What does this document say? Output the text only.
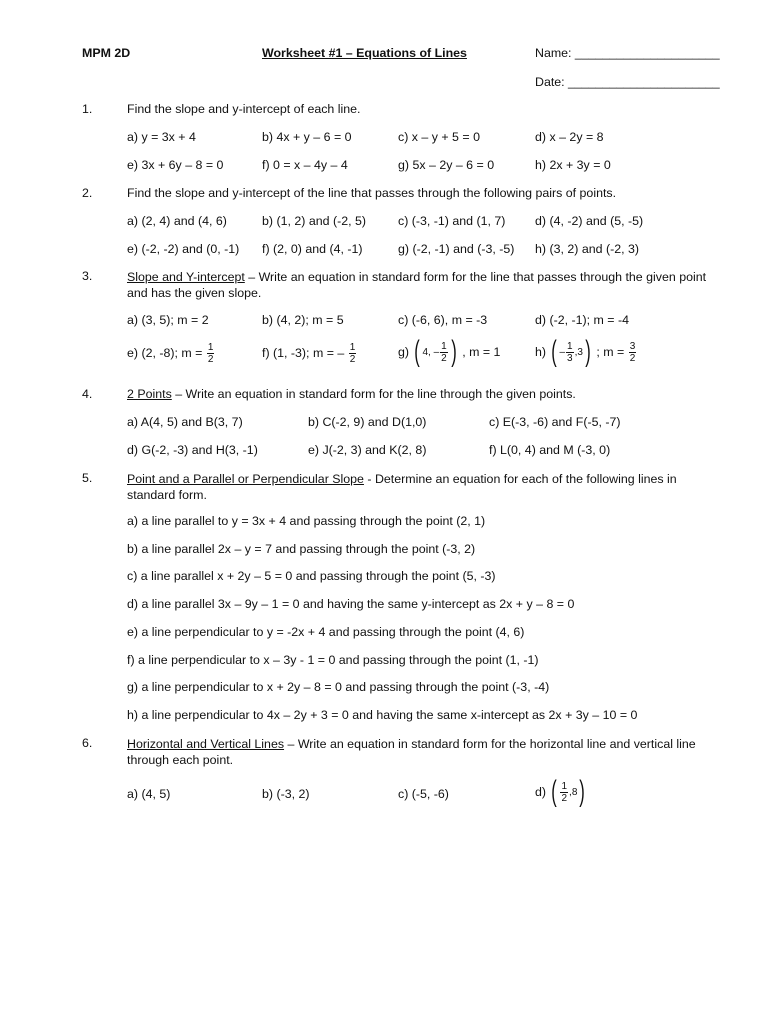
MPM 2D	Worksheet #1 – Equations of Lines	Name: _____________________
Date: ______________________
1.	Find the slope and y-intercept of each line.
a) y = 3x + 4	b) 4x + y – 6 = 0	c) x – y + 5 = 0	d) x – 2y = 8
e) 3x + 6y – 8 = 0	f) 0 = x – 4y – 4	g) 5x – 2y – 6 = 0	h) 2x + 3y = 0
2.	Find the slope and y-intercept of the line that passes through the following pairs of points.
a) (2, 4) and (4, 6)	b) (1, 2) and (-2, 5)	c) (-3, -1) and (1, 7) d) (4, -2) and (5, -5)
e) (-2, -2) and (0, -1) f) (2, 0) and (4, -1)	g) (-2, -1) and (-3, -5) h) (3, 2) and (-2, 3)
3.	Slope and Y-intercept – Write an equation in standard form for the line that passes through the given point and has the given slope.
a) (3, 5); m = 2	b) (4, 2); m = 5	c) (-6, 6), m = -3	d) (-2, -1); m = -4
e) (2, -8); $m = \frac{1}{2}$	f) (1, -3); m = – $\frac{1}{2}$	g) ( 4, – $\frac{1}{2}$ ) , m = 1	h) ( – $\frac{1}{3} ,3$) ; $m = \frac{3}{2}$
4.	2 Points – Write an equation in standard form for the line through the given points.
a) A(4, 5) and B(3, 7)	b) C(-2, 9) and D(1,0)	c) E(-3, -6) and F(-5, -7)
d) G(-2, -3) and H(3, -1)	e) J(-2, 3) and K(2, 8)	f) L(0, 4) and M (-3, 0)
5.	Point and a Parallel or Perpendicular Slope - Determine an equation for each of the following lines in standard form.
a) a line parallel to y = 3x + 4 and passing through the point (2, 1)
b) a line parallel 2x – y = 7 and passing through the point (-3, 2)
c) a line parallel x + 2y – 5 = 0 and passing through the point (5, -3)
d) a line parallel 3x – 9y – 1 = 0 and having the same y-intercept as 2x + y – 8 = 0
e) a line perpendicular to y = -2x + 4 and passing through the point (4, 6)
f) a line perpendicular to x – 3y - 1 = 0 and passing through the point (1, -1)
g) a line perpendicular to x + 2y – 8 = 0 and passing through the point (-3, -4)
h) a line perpendicular to 4x – 2y + 3 = 0 and having the same x-intercept as 2x + 3y – 10 = 0
6.	Horizontal and Vertical Lines – Write an equation in standard form for the horizontal line and vertical line through each point.
a) (4, 5)	b) (-3, 2)	c) (-5, -6)	d) ( $\frac{1}{2} ,8$)
